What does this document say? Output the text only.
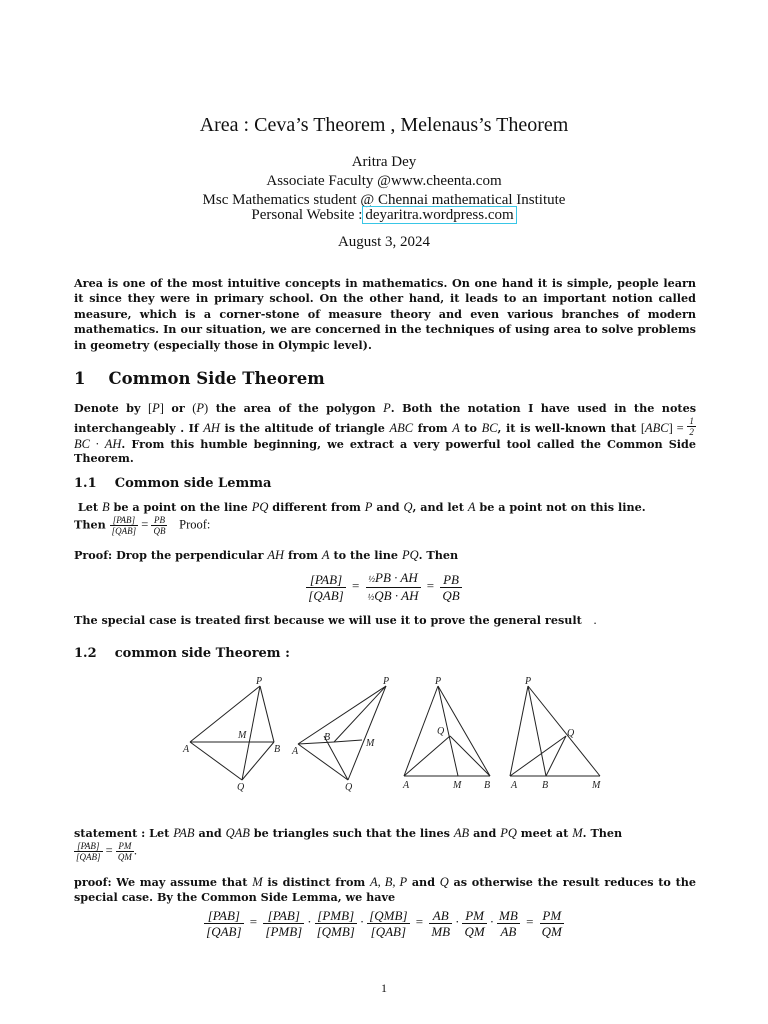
Area : Ceva’s Theorem , Melenaus’s Theorem
Aritra Dey
Associate Faculty @www.cheenta.com
Msc Mathematics student @ Chennai mathematical Institute
Personal Website : deyaritra.wordpress.com
August 3, 2024
Area is one of the most intuitive concepts in mathematics. On one hand it is simple, people learn it since they were in primary school. On the other hand, it leads to an important notion called measure, which is a corner-stone of measure theory and even various branches of modern mathematics. In our situation, we are concerned in the techniques of using area to solve problems in geometry (especially those in Olympic level).
1 Common Side Theorem
Denote by [P] or (P) the area of the polygon P. Both the notation I have used in the notes interchangeably . If AH is the altitude of triangle ABC from A to BC, it is well-known that $[ABC] = \frac{1}{2}$
BC · AH. From this humble beginning, we extract a very powerful tool called the Common Side Theorem.
1.1 Common side Lemma
Let B be a point on the line PQ different from P and Q, and let A be a point not on this line.
Then $\frac{\text{[PAB]}}{\text{[QAB]}} = \frac{PB}{QB}$ Proof:
Proof: Drop the perpendicular AH from A to the line PQ. Then
$\frac{\text{[PAB]}}{\text{[QAB]}} = \frac{\text{½PB · AH}}{\text{½QB · AH}} = \frac{PB}{QB}$
The special case is treated first because we will use it to prove the general result .
1.2 common side Theorem :
P
M
A	B
Q
P
B
A
M
Q
P
Q
A	M B
P
Q
A B	M
statement : Let PAB and QAB be triangles such that the lines AB and PQ meet at M. Then

$\frac{\text{[PAB]}}{\text{[QAB]}} = \frac{PM}{QM}$ .
proof: We may assume that M is distinct from A, B, P and Q as otherwise the result reduces to the special case. By the Common Side Lemma, we have
$\frac{\text{[PAB]}}{\text{[QAB]}} = \frac{\text{[PAB]}}{\text{[PMB]}} \cdot \frac{\text{[PMB]}}{\text{[QMB]}} \cdot \frac{\text{[QMB]}}{\text{[QAB]}} = \frac{AB}{MB} \cdot \frac{PM}{QM} \cdot \frac{MB}{AB} = \frac{PM}{QM}$
1
